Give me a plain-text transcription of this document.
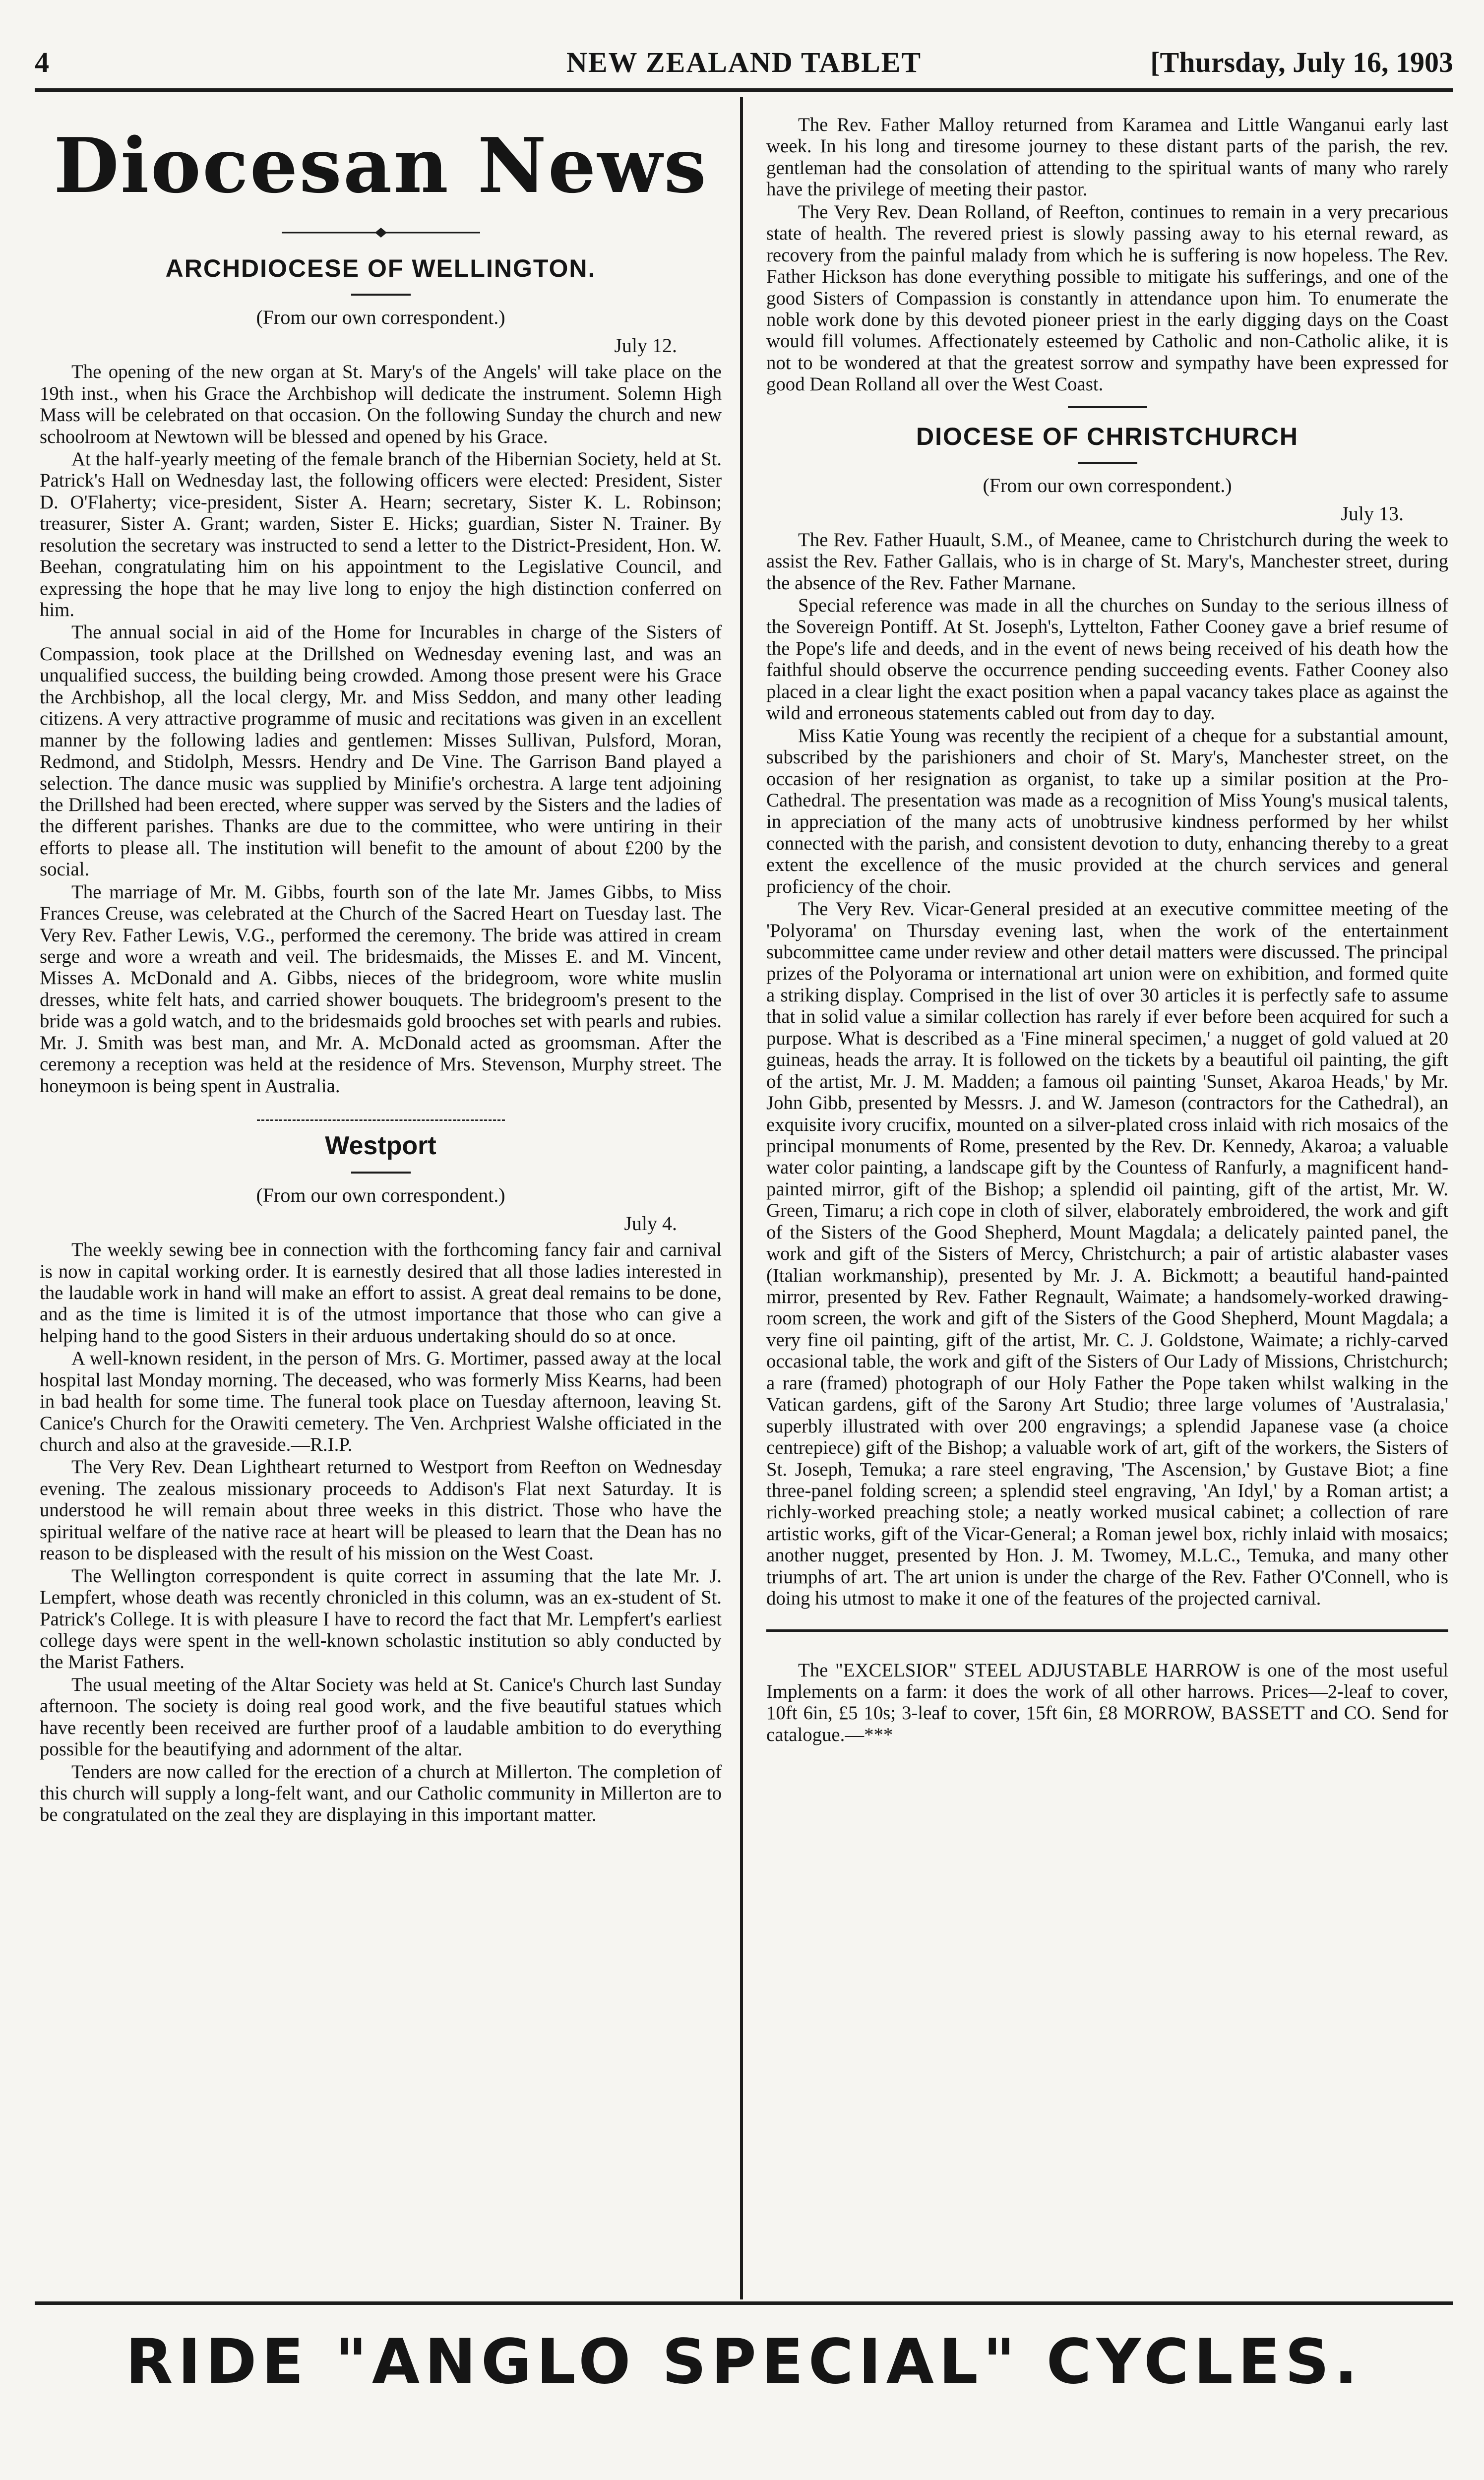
4	NEW ZEALAND TABLET	[Thursday, July 16, 1903
Diocesan News
ARCHDIOCESE OF WELLINGTON.
(From our own correspondent.)
July 12.

The opening of the new organ at St. Mary's of the Angels' will take place on the 19th inst., when his Grace the Archbishop will dedicate the instrument. Solemn High Mass will be celebrated on that occasion. On the following Sunday the church and new schoolroom at Newtown will be blessed and opened by his Grace.

At the half-yearly meeting of the female branch of the Hibernian Society, held at St. Patrick's Hall on Wednesday last, the following officers were elected: President, Sister D. O'Flaherty; vice-president, Sister A. Hearn; secretary, Sister K. L. Robinson; treasurer, Sister A. Grant; warden, Sister E. Hicks; guardian, Sister N. Trainer. By resolution the secretary was instructed to send a letter to the District-President, Hon. W. Beehan, congratulating him on his appointment to the Legislative Council, and expressing the hope that he may live long to enjoy the high distinction conferred on him.

The annual social in aid of the Home for Incurables in charge of the Sisters of Compassion, took place at the Drillshed on Wednesday evening last, and was an unqualified success, the building being crowded. Among those present were his Grace the Archbishop, all the local clergy, Mr. and Miss Seddon, and many other leading citizens. A very attractive programme of music and recitations was given in an excellent manner by the following ladies and gentlemen: Misses Sullivan, Pulsford, Moran, Redmond, and Stidolph, Messrs. Hendry and De Vine. The Garrison Band played a selection. The dance music was supplied by Minifie's orchestra. A large tent adjoining the Drillshed had been erected, where supper was served by the Sisters and the ladies of the different parishes. Thanks are due to the committee, who were untiring in their efforts to please all. The institution will benefit to the amount of about £200 by the social.

The marriage of Mr. M. Gibbs, fourth son of the late Mr. James Gibbs, to Miss Frances Creuse, was celebrated at the Church of the Sacred Heart on Tuesday last. The Very Rev. Father Lewis, V.G., performed the ceremony. The bride was attired in cream serge and wore a wreath and veil. The bridesmaids, the Misses E. and M. Vincent, Misses A. McDonald and A. Gibbs, nieces of the bridegroom, wore white muslin dresses, white felt hats, and carried shower bouquets. The bridegroom's present to the bride was a gold watch, and to the bridesmaids gold brooches set with pearls and rubies. Mr. J. Smith was best man, and Mr. A. McDonald acted as groomsman. After the ceremony a reception was held at the residence of Mrs. Stevenson, Murphy street. The honeymoon is being spent in Australia.

Westport
(From our own correspondent.)
July 4.

The weekly sewing bee in connection with the forthcoming fancy fair and carnival is now in capital working order. It is earnestly desired that all those ladies interested in the laudable work in hand will make an effort to assist. A great deal remains to be done, and as the time is limited it is of the utmost importance that those who can give a helping hand to the good Sisters in their arduous undertaking should do so at once.

A well-known resident, in the person of Mrs. G. Mortimer, passed away at the local hospital last Monday morning. The deceased, who was formerly Miss Kearns, had been in bad health for some time. The funeral took place on Tuesday afternoon, leaving St. Canice's Church for the Orawiti cemetery. The Ven. Archpriest Walshe officiated in the church and also at the graveside.—R.I.P.

The Very Rev. Dean Lightheart returned to Westport from Reefton on Wednesday evening. The zealous missionary proceeds to Addison's Flat next Saturday. It is understood he will remain about three weeks in this district. Those who have the spiritual welfare of the native race at heart will be pleased to learn that the Dean has no reason to be displeased with the result of his mission on the West Coast.

The Wellington correspondent is quite correct in assuming that the late Mr. J. Lempfert, whose death was recently chronicled in this column, was an ex-student of St. Patrick's College. It is with pleasure I have to record the fact that Mr. Lempfert's earliest college days were spent in the well-known scholastic institution so ably conducted by the Marist Fathers.

The usual meeting of the Altar Society was held at St. Canice's Church last Sunday afternoon. The society is doing real good work, and the five beautiful statues which have recently been received are further proof of a laudable ambition to do everything possible for the beautifying and adornment of the altar.

Tenders are now called for the erection of a church at Millerton. The completion of this church will supply a long-felt want, and our Catholic community in Millerton are to be congratulated on the zeal they are displaying in this important matter.

The Rev. Father Malloy returned from Karamea and Little Wanganui early last week. In his long and tiresome journey to these distant parts of the parish, the rev. gentleman had the consolation of attending to the spiritual wants of many who rarely have the privilege of meeting their pastor.

The Very Rev. Dean Rolland, of Reefton, continues to remain in a very precarious state of health. The revered priest is slowly passing away to his eternal reward, as recovery from the painful malady from which he is suffering is now hopeless. The Rev. Father Hickson has done everything possible to mitigate his sufferings, and one of the good Sisters of Compassion is constantly in attendance upon him. To enumerate the noble work done by this devoted pioneer priest in the early digging days on the Coast would fill volumes. Affectionately esteemed by Catholic and non-Catholic alike, it is not to be wondered at that the greatest sorrow and sympathy have been expressed for good Dean Rolland all over the West Coast.

DIOCESE OF CHRISTCHURCH
(From our own correspondent.)
July 13.

The Rev. Father Huault, S.M., of Meanee, came to Christchurch during the week to assist the Rev. Father Gallais, who is in charge of St. Mary's, Manchester street, during the absence of the Rev. Father Marnane.

Special reference was made in all the churches on Sunday to the serious illness of the Sovereign Pontiff. At St. Joseph's, Lyttelton, Father Cooney gave a brief resume of the Pope's life and deeds, and in the event of news being received of his death how the faithful should observe the occurrence pending succeeding events. Father Cooney also placed in a clear light the exact position when a papal vacancy takes place as against the wild and erroneous statements cabled out from day to day.

Miss Katie Young was recently the recipient of a cheque for a substantial amount, subscribed by the parishioners and choir of St. Mary's, Manchester street, on the occasion of her resignation as organist, to take up a similar position at the Pro-Cathedral. The presentation was made as a recognition of Miss Young's musical talents, in appreciation of the many acts of unobtrusive kindness performed by her whilst connected with the parish, and consistent devotion to duty, enhancing thereby to a great extent the excellence of the music provided at the church services and general proficiency of the choir.

The Very Rev. Vicar-General presided at an executive committee meeting of the 'Polyorama' on Thursday evening last, when the work of the entertainment subcommittee came under review and other detail matters were discussed. The principal prizes of the Polyorama or international art union were on exhibition, and formed quite a striking display. Comprised in the list of over 30 articles it is perfectly safe to assume that in solid value a similar collection has rarely if ever before been acquired for such a purpose. What is described as a 'Fine mineral specimen,' a nugget of gold valued at 20 guineas, heads the array. It is followed on the tickets by a beautiful oil painting, the gift of the artist, Mr. J. M. Madden; a famous oil painting 'Sunset, Akaroa Heads,' by Mr. John Gibb, presented by Messrs. J. and W. Jameson (contractors for the Cathedral), an exquisite ivory crucifix, mounted on a silver-plated cross inlaid with rich mosaics of the principal monuments of Rome, presented by the Rev. Dr. Kennedy, Akaroa; a valuable water color painting, a landscape gift by the Countess of Ranfurly, a magnificent hand-painted mirror, gift of the Bishop; a splendid oil painting, gift of the artist, Mr. W. Green, Timaru; a rich cope in cloth of silver, elaborately embroidered, the work and gift of the Sisters of the Good Shepherd, Mount Magdala; a delicately painted panel, the work and gift of the Sisters of Mercy, Christchurch; a pair of artistic alabaster vases (Italian workmanship), presented by Mr. J. A. Bickmott; a beautiful hand-painted mirror, presented by Rev. Father Regnault, Waimate; a handsomely-worked drawing-room screen, the work and gift of the Sisters of the Good Shepherd, Mount Magdala; a very fine oil painting, gift of the artist, Mr. C. J. Goldstone, Waimate; a richly-carved occasional table, the work and gift of the Sisters of Our Lady of Missions, Christchurch; a rare (framed) photograph of our Holy Father the Pope taken whilst walking in the Vatican gardens, gift of the Sarony Art Studio; three large volumes of 'Australasia,' superbly illustrated with over 200 engravings; a splendid Japanese vase (a choice centrepiece) gift of the Bishop; a valuable work of art, gift of the workers, the Sisters of St. Joseph, Temuka; a rare steel engraving, 'The Ascension,' by Gustave Biot; a fine three-panel folding screen; a splendid steel engraving, 'An Idyl,' by a Roman artist; a richly-worked preaching stole; a neatly worked musical cabinet; a collection of rare artistic works, gift of the Vicar-General; a Roman jewel box, richly inlaid with mosaics; another nugget, presented by Hon. J. M. Twomey, M.L.C., Temuka, and many other triumphs of art. The art union is under the charge of the Rev. Father O'Connell, who is doing his utmost to make it one of the features of the projected carnival.

The "EXCELSIOR" STEEL ADJUSTABLE HARROW is one of the most useful Implements on a farm: it does the work of all other harrows. Prices—2-leaf to cover, 10ft 6in, £5 10s; 3-leaf to cover, 15ft 6in, £8 MORROW, BASSETT and CO. Send for catalogue.—***

RIDE "ANGLO SPECIAL" CYCLES.
